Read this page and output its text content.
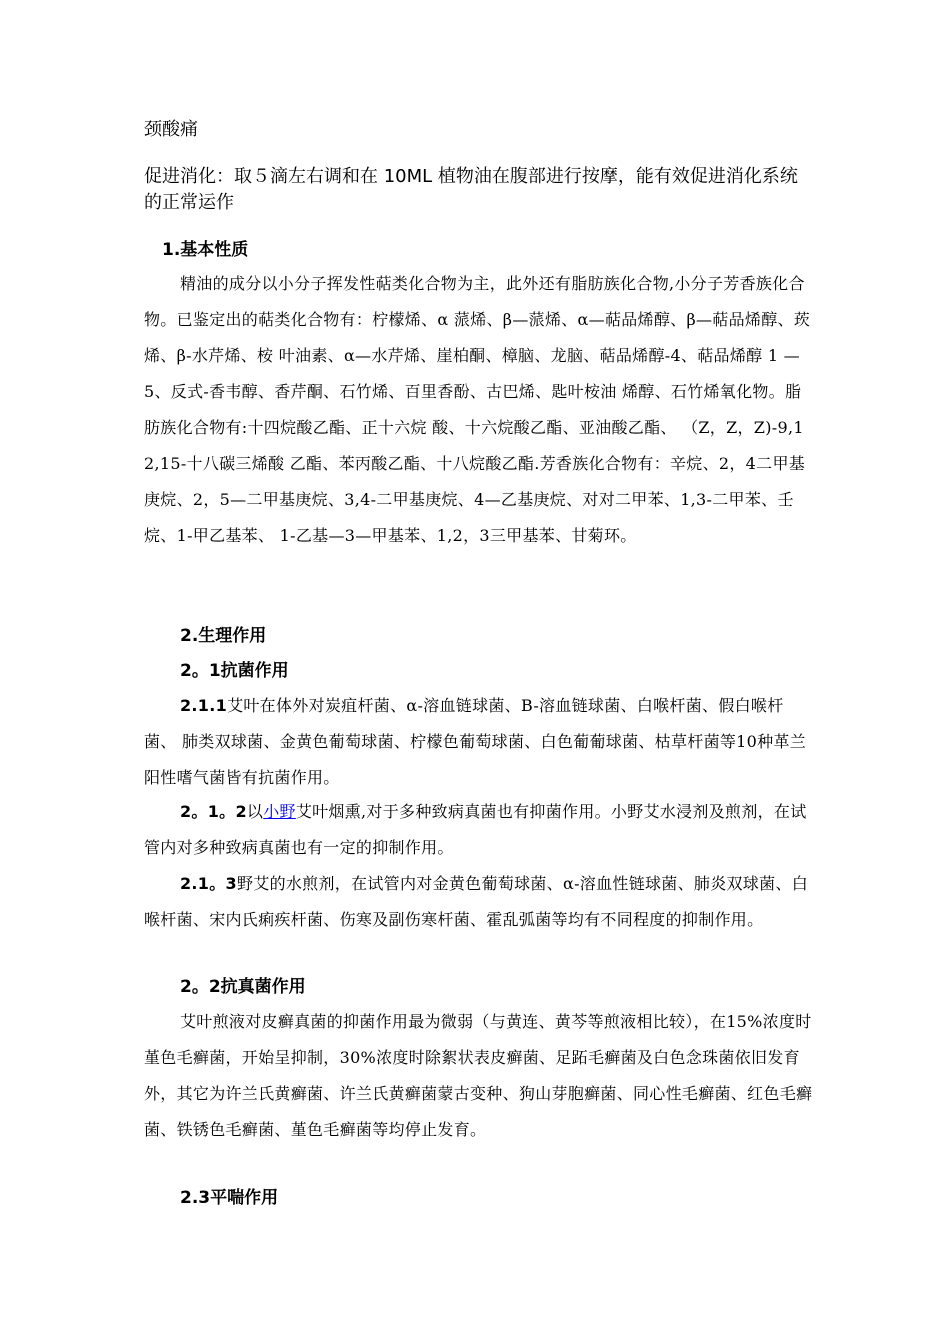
颈酸痛
促进消化：取５滴左右调和在 10ML 植物油在腹部进行按摩，能有效促进消化系统的正常运作
1.基本性质
精油的成分以小分子挥发性萜类化合物为主，此外还有脂肪族化合物,小分子芳香族化合物。已鉴定出的萜类化合物有：柠檬烯、α 蒎烯、β—蒎烯、α—萜品烯醇、β—萜品烯醇、莰烯、β-水芹烯、桉 叶油素、α—水芹烯、崖柏酮、樟脑、龙脑、萜品烯醇-4、萜品烯醇 1 —5、反式-香韦醇、香芹酮、石竹烯、百里香酚、古巴烯、匙叶桉油 烯醇、石竹烯氧化物。脂肪族化合物有:十四烷酸乙酯、正十六烷 酸、十六烷酸乙酯、亚油酸乙酯、 （Z，Z，Z)-9,12,15-十八碳三烯酸 乙酯、苯丙酸乙酯、十八烷酸乙酯.芳香族化合物有：辛烷、2，4二甲基庚烷、2，5—二甲基庚烷、3,4-二甲基庚烷、4—乙基庚烷、对对二甲苯、1,3-二甲苯、壬烷、1-甲乙基苯、 1-乙基—3—甲基苯、1,2，3三甲基苯、甘菊环。
2.生理作用
2。1抗菌作用
2.1.1艾叶在体外对炭疽杆菌、α-溶血链球菌、B-溶血链球菌、白喉杆菌、假白喉杆菌、 肺类双球菌、金黄色葡萄球菌、柠檬色葡萄球菌、白色葡葡球菌、枯草杆菌等10种革兰阳性嗜气菌皆有抗菌作用。
2。1。2以小野艾叶烟熏,对于多种致病真菌也有抑菌作用。小野艾水浸剂及煎剂，在试管内对多种致病真菌也有一定的抑制作用。
2.1。3野艾的水煎剂，在试管内对金黄色葡萄球菌、α-溶血性链球菌、肺炎双球菌、白喉杆菌、宋内氏痢疾杆菌、伤寒及副伤寒杆菌、霍乱弧菌等均有不同程度的抑制作用。
2。2抗真菌作用
艾叶煎液对皮癣真菌的抑菌作用最为微弱（与黄连、黄芩等煎液相比较），在15%浓度时堇色毛癣菌，开始呈抑制，30%浓度时除絮状表皮癣菌、足跖毛癣菌及白色念珠菌依旧发育外，其它为许兰氏黄癣菌、许兰氏黄癣菌蒙古变种、狗山芽胞癣菌、同心性毛癣菌、红色毛癣菌、铁锈色毛癣菌、堇色毛癣菌等均停止发育。
2.3平喘作用
